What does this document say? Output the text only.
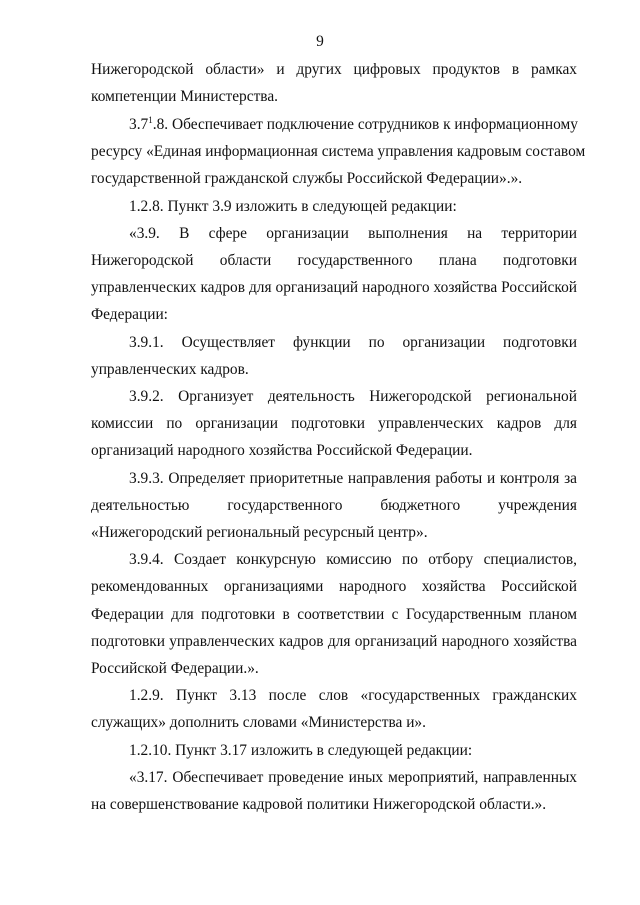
9
Нижегородской области» и других цифровых продуктов в рамках
компетенции Министерства.
$3.7^1.8$. Обеспечивает подключение сотрудников к информационному
ресурсу «Единая информационная система управления кадровым составом
государственной гражданской службы Российской Федерации».».
1.2.8. Пункт 3.9 изложить в следующей редакции:
«3.9. В сфере организации выполнения на территории
Нижегородской области государственного плана подготовки
управленческих кадров для организаций народного хозяйства Российской
Федерации:
3.9.1. Осуществляет функции по организации подготовки
управленческих кадров.
3.9.2. Организует деятельность Нижегородской региональной
комиссии по организации подготовки управленческих кадров для
организаций народного хозяйства Российской Федерации.
3.9.3. Определяет приоритетные направления работы и контроля за
деятельностью государственного бюджетного учреждения
«Нижегородский региональный ресурсный центр».
3.9.4. Создает конкурсную комиссию по отбору специалистов,
рекомендованных организациями народного хозяйства Российской
Федерации для подготовки в соответствии с Государственным планом
подготовки управленческих кадров для организаций народного хозяйства
Российской Федерации.».
1.2.9. Пункт 3.13 после слов «государственных гражданских
служащих» дополнить словами «Министерства и».
1.2.10. Пункт 3.17 изложить в следующей редакции:
«3.17. Обеспечивает проведение иных мероприятий, направленных
на совершенствование кадровой политики Нижегородской области.».
